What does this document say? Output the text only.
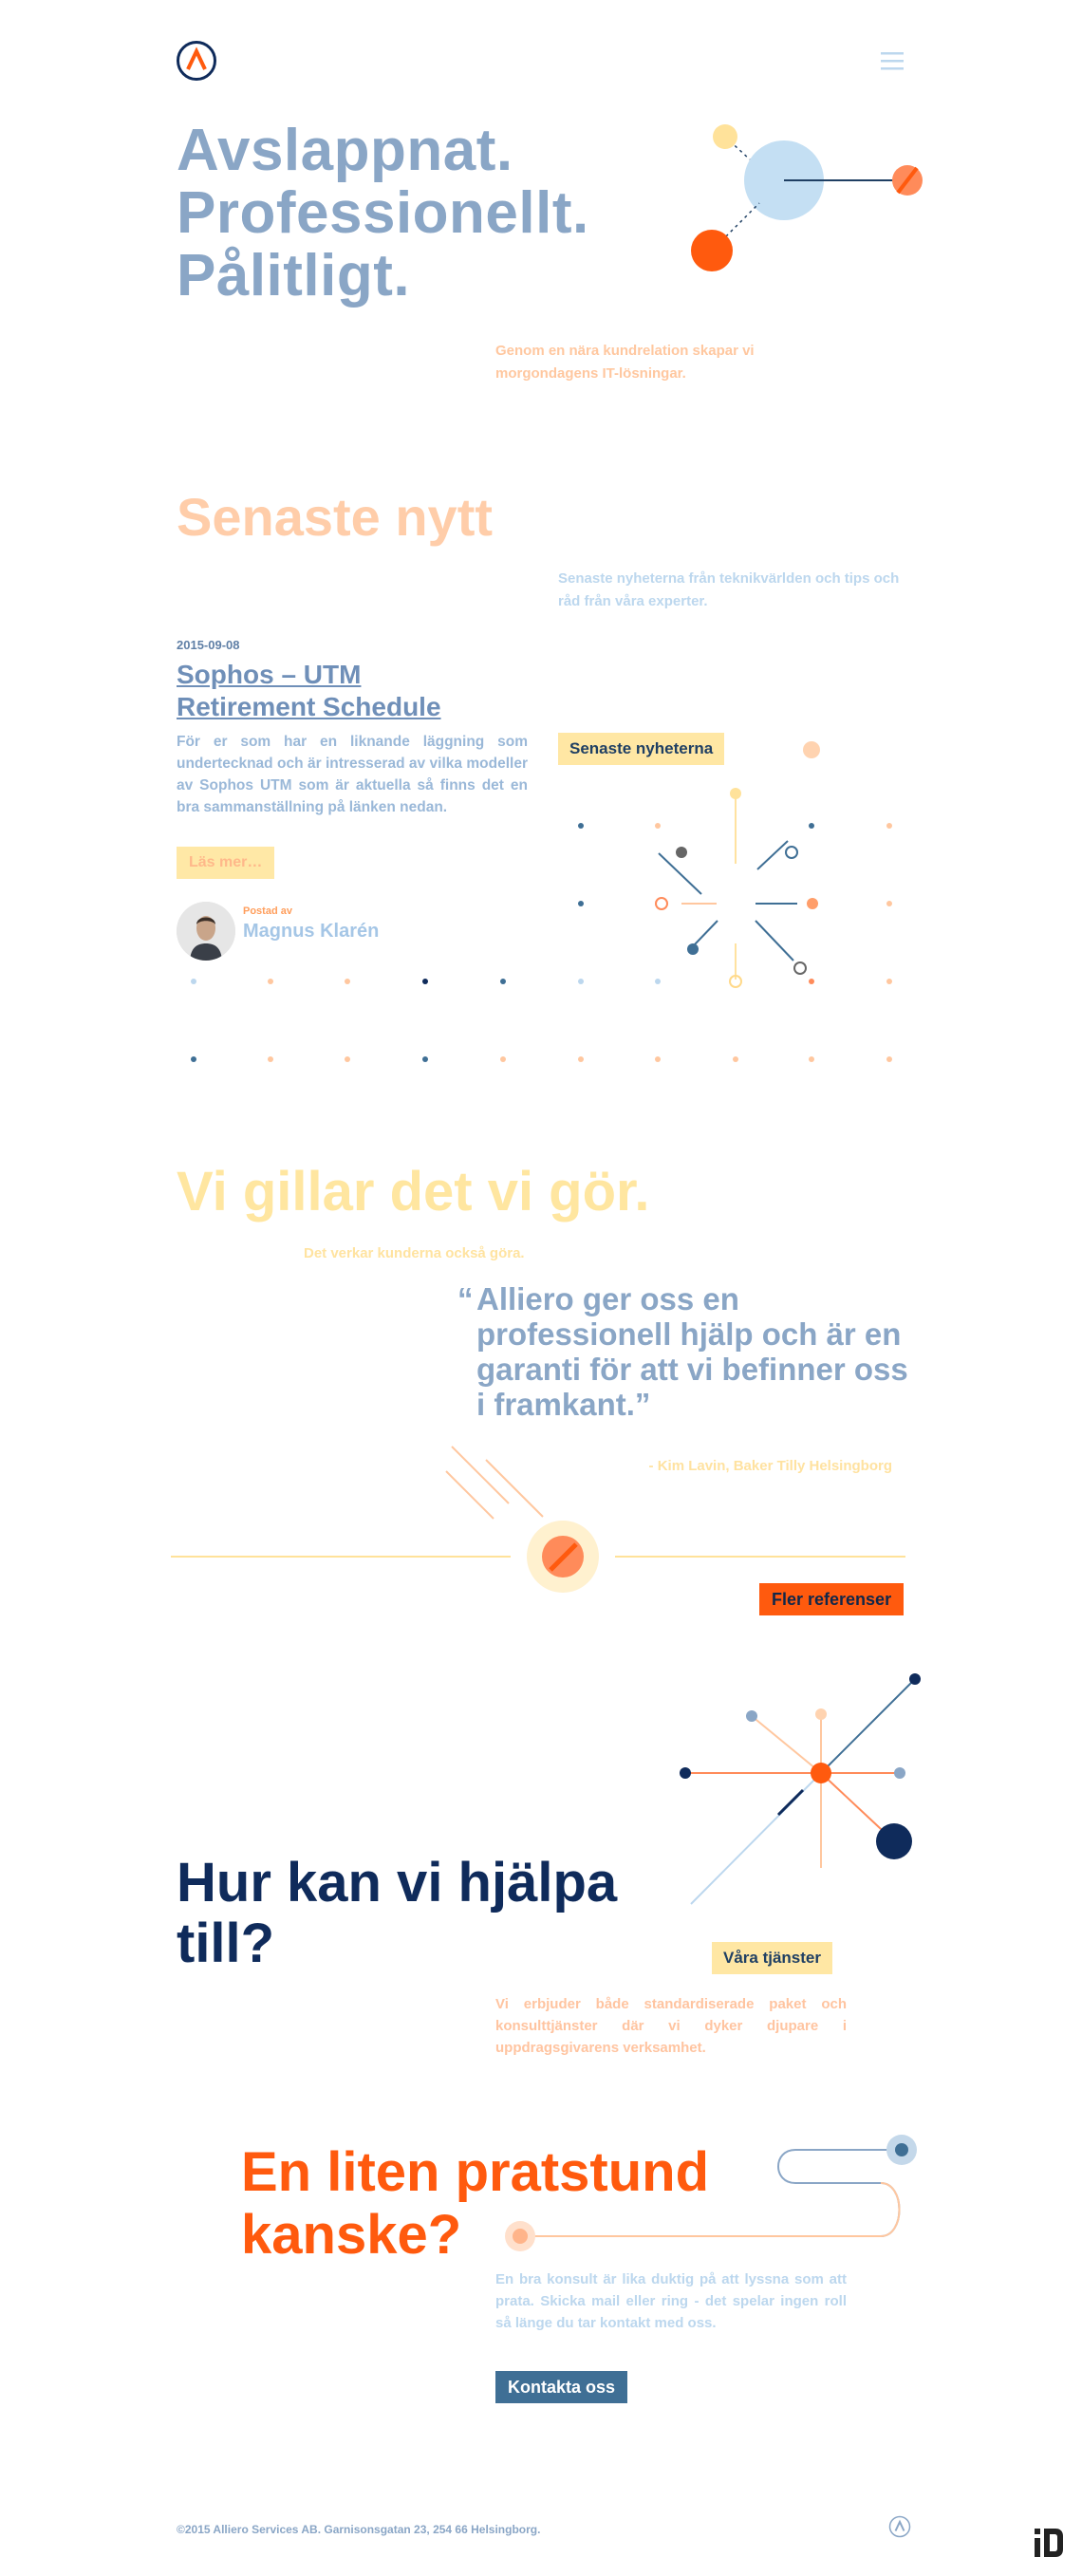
Avslappnat.
Professionellt.
Pålitligt.

Genom en nära kundrelation skapar vi morgondagens IT-lösningar.

Senaste nytt

Senaste nyheterna från teknikvärlden och tips och råd från våra experter.

2015-09-08
Sophos – UTM Retirement Schedule

För er som har en liknande läggning som undertecknad och är intresserad av vilka modeller av Sophos UTM som är aktuella så finns det en bra sammanställning på länken nedan.

Läs mer…
Postad av
Magnus Klarén
Senaste nyheterna
Vi gillar det vi gör.

Det verkar kunderna också göra.

“ Alliero ger oss en professionell hjälp och är en garanti för att vi befinner oss i framkant.”

- Kim Lavin, Baker Tilly Helsingborg

Fler referenser
Hur kan vi hjälpa till?	Våra tjänster

Vi erbjuder både standardiserade paket och konsulttjänster där vi dyker djupare i uppdragsgivarens verksamhet.

En liten pratstund kanske?

En bra konsult är lika duktig på att lyssna som att prata. Skicka mail eller ring - det spelar ingen roll så länge du tar kontakt med oss.

Kontakta oss

©2015 Alliero Services AB. Garnisonsgatan 23, 254 66 Helsingborg.
